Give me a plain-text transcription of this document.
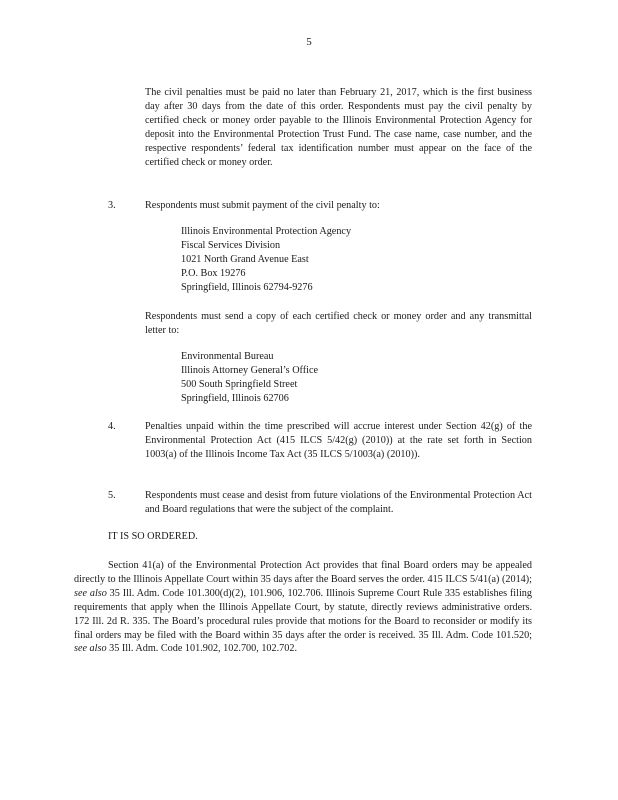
5

The civil penalties must be paid no later than February 21, 2017, which is the first business day after 30 days from the date of this order. Respondents must pay the civil penalty by certified check or money order payable to the Illinois Environmental Protection Agency for deposit into the Environmental Protection Trust Fund. The case name, case number, and the respective respondents’ federal tax identification number must appear on the face of the certified check or money order.

3.	Respondents must submit payment of the civil penalty to:
Illinois Environmental Protection Agency
Fiscal Services Division
1021 North Grand Avenue East
P.O. Box 19276
Springfield, Illinois 62794-9276

Respondents must send a copy of each certified check or money order and any transmittal letter to:

Environmental Bureau
Illinois Attorney General’s Office
500 South Springfield Street
Springfield, Illinois 62706
4.	Penalties unpaid within the time prescribed will accrue interest under Section 42(g) of the Environmental Protection Act (415 ILCS 5/42(g) (2010)) at the rate set forth in Section 1003(a) of the Illinois Income Tax Act (35 ILCS 5/1003(a) (2010)).

5.	Respondents must cease and desist from future violations of the Environmental Protection Act and Board regulations that were the subject of the complaint.

IT IS SO ORDERED.

Section 41(a) of the Environmental Protection Act provides that final Board orders may be appealed directly to the Illinois Appellate Court within 35 days after the Board serves the order. 415 ILCS 5/41(a) (2014); see also 35 Ill. Adm. Code 101.300(d)(2), 101.906, 102.706. Illinois Supreme Court Rule 335 establishes filing requirements that apply when the Illinois Appellate Court, by statute, directly reviews administrative orders. 172 Ill. 2d R. 335. The Board’s procedural rules provide that motions for the Board to reconsider or modify its final orders may be filed with the Board within 35 days after the order is received. 35 Ill. Adm. Code 101.520; see also 35 Ill. Adm. Code 101.902, 102.700, 102.702.
